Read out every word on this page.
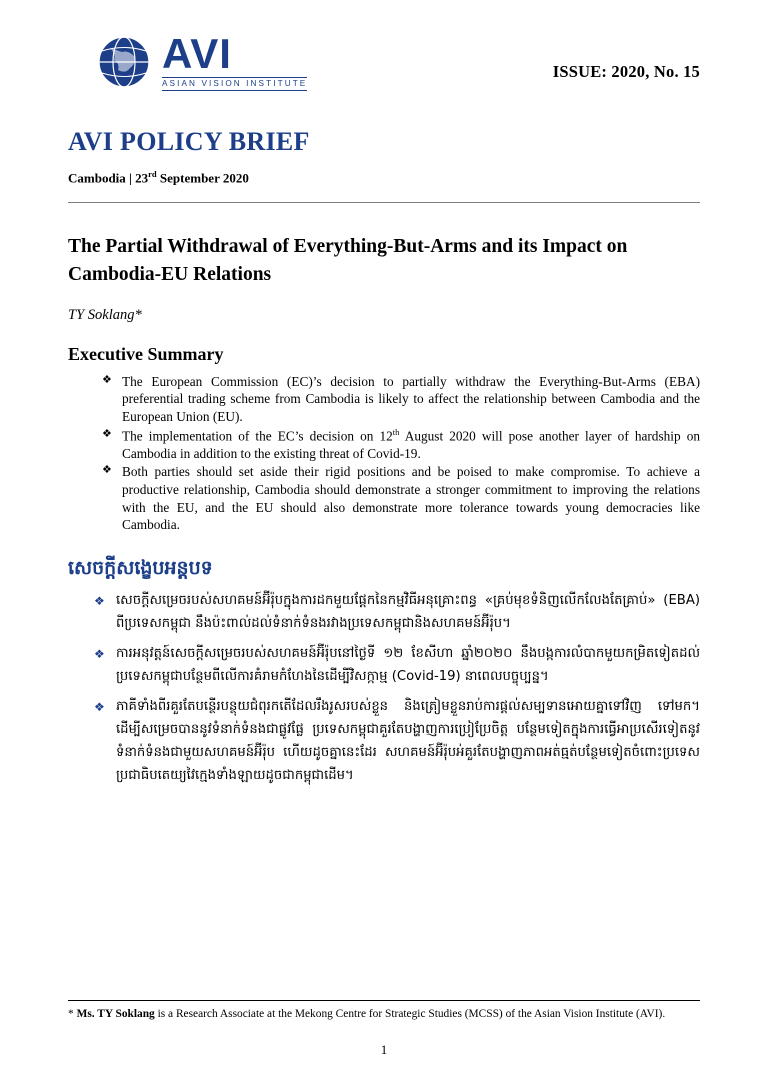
AVI
ASIAN VISION INSTITUTE
ISSUE: 2020, No. 15
AVI POLICY BRIEF
Cambodia | 23rd September 2020
The Partial Withdrawal of Everything-But-Arms and its Impact on Cambodia-EU Relations
TY Soklang*
Executive Summary
❖ The European Commission (EC)’s decision to partially withdraw the Everything-But-Arms (EBA) preferential trading scheme from Cambodia is likely to affect the relationship between Cambodia and the European Union (EU).
❖ The implementation of the EC’s decision on 12th August 2020 will pose another layer of hardship on Cambodia in addition to the existing threat of Covid-19.
❖ Both parties should set aside their rigid positions and be poised to make compromise. To achieve a productive relationship, Cambodia should demonstrate a stronger commitment to improving the relations with the EU, and the EU should also demonstrate more tolerance towards young democracies like Cambodia.
សេចក្តីសង្ខេបអន្តបទ
❖ សេចក្តីសម្រេចរបស់សហគមន៍អ៊ីរ៉ុបក្នុងការដកមួយផ្ដែកនៃកម្មវិធីអនុគ្រោះពន្ធ «គ្រប់មុខទំនិញលើកលែងតែគ្រាប់» (EBA) ពីប្រទេសកម្ពុជា នឹងប៉ះពាល់ដល់ទំនាក់ទំនងរវាងប្រទេសកម្ពុជានិងសហគមន៍អ៊ីរ៉ុប។
❖ ការអនុវត្តន៍សេចក្តីសម្រេចរបស់សហគមន៍អ៊ីរ៉ុបនៅថ្ងៃទី ១២ ខែសីហា ឆ្នាំ២០២០ នឹងបង្កការលំបាកមួយកម្រិតទៀតដល់ប្រទេសកម្ពុជាបន្ថែមពីលើការគំរាមកំហែងនៃដើម្បីវិសក្កាម្ម (Covid-19) នាពេលបច្ចុប្បន្ន។
❖ ភាគីទាំងពីរគួរតែបន្ថើរបន្ថុយជំពុរកតើដែលរឹងរូសរបស់ខ្លួន និងត្រៀមខ្លួនរាប់ការផ្ដល់សម្បទានអោយគ្នាទៅវិញ ទៅមក។ ដើម្បីសម្រេចបាននូវទំនាក់ទំនងជាផ្លូវផ្លែ ប្រទេសកម្ពុជាគួរតែបង្ហាញការប្រៀប្រែចិត្ត បន្ថែមទៀតក្នុងការធ្វើអាប្រសើរទៀតនូវទំនាក់ទំនងជាមួយសហគមន៍អ៊ីរ៉ុប ហើយដូចគ្នានេះដែរ សហគមន៍អ៊ីរ៉ុបអ់គួរតែបង្ហាញភាពអត់ធ្មត់បន្ថែមទៀតចំពោះប្រទេសប្រជាធិបតេយ្យវៃក្មេងទាំងឡាយដូចជាកម្ពុជាដើម។
* Ms. TY Soklang is a Research Associate at the Mekong Centre for Strategic Studies (MCSS) of the Asian Vision Institute (AVI).
1
